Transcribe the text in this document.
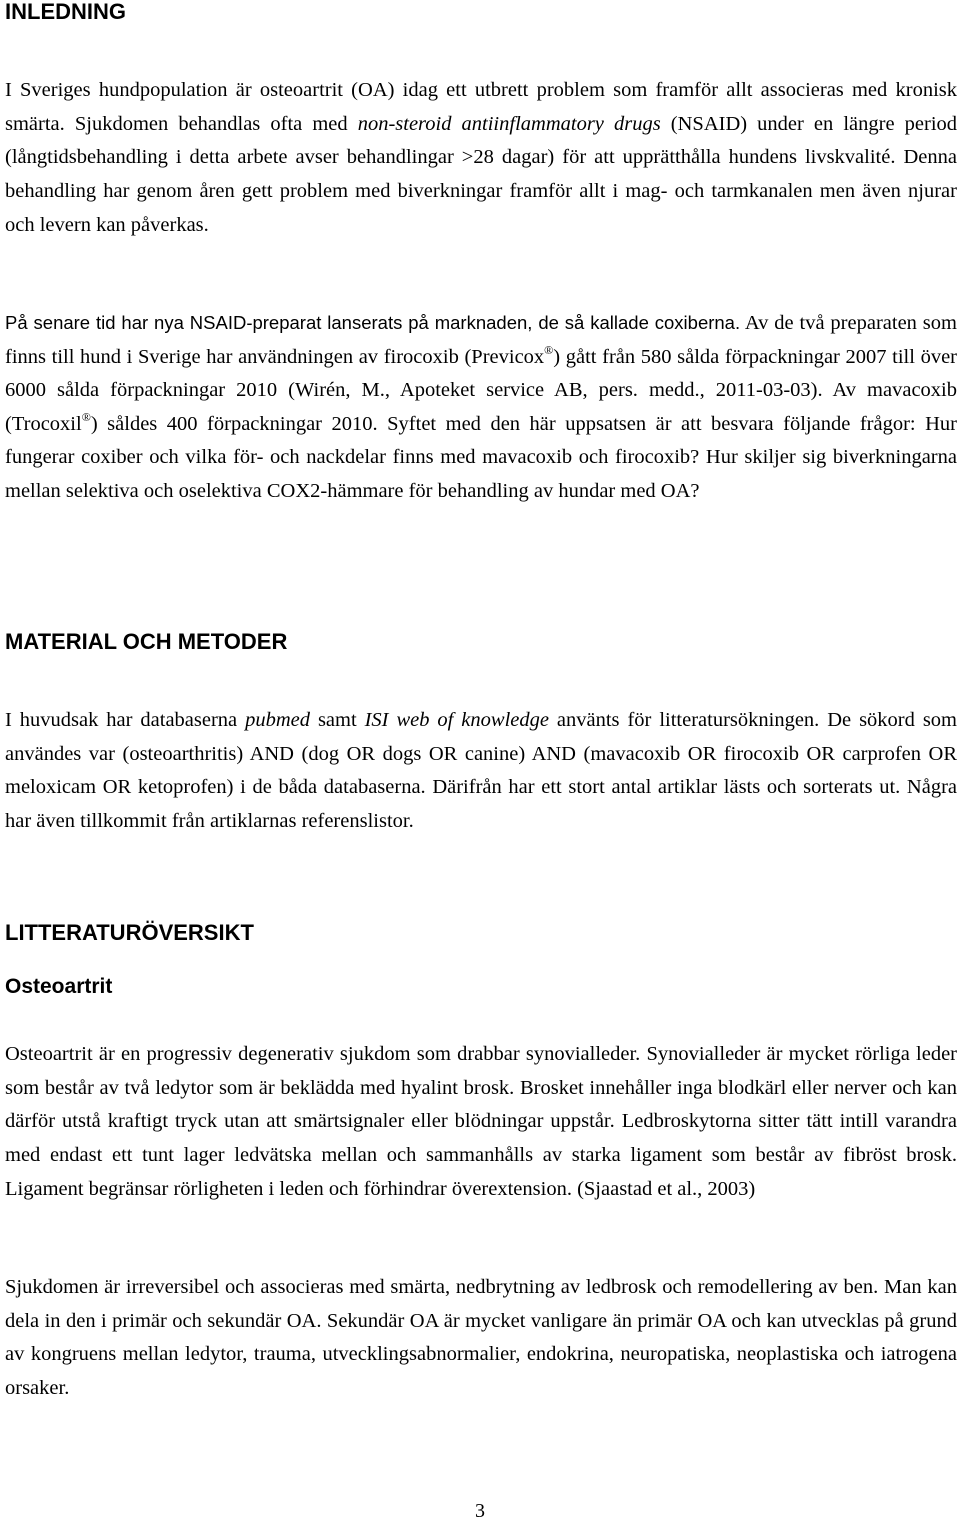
INLEDNING

I Sveriges hundpopulation är osteoartrit (OA) idag ett utbrett problem som framför allt associeras med kronisk smärta. Sjukdomen behandlas ofta med non-steroid antiinflammatory drugs (NSAID) under en längre period (långtidsbehandling i detta arbete avser behandlingar >28 dagar) för att upprätthålla hundens livskvalité. Denna behandling har genom åren gett problem med biverkningar framför allt i mag- och tarmkanalen men även njurar och levern kan påverkas.

På senare tid har nya NSAID-preparat lanserats på marknaden, de så kallade coxiberna. Av de två preparaten som finns till hund i Sverige har användningen av firocoxib (Previcox®) gått från 580 sålda förpackningar 2007 till över 6000 sålda förpackningar 2010 (Wirén, M., Apoteket service AB, pers. medd., 2011-03-03). Av mavacoxib (Trocoxil®) såldes 400 förpackningar 2010. Syftet med den här uppsatsen är att besvara följande frågor: Hur fungerar coxiber och vilka för- och nackdelar finns med mavacoxib och firocoxib? Hur skiljer sig biverkningarna mellan selektiva och oselektiva COX2-hämmare för behandling av hundar med OA?

MATERIAL OCH METODER

I huvudsak har databaserna pubmed samt ISI web of knowledge använts för litteratursökningen. De sökord som användes var (osteoarthritis) AND (dog OR dogs OR canine) AND (mavacoxib OR firocoxib OR carprofen OR meloxicam OR ketoprofen) i de båda databaserna. Därifrån har ett stort antal artiklar lästs och sorterats ut. Några har även tillkommit från artiklarnas referenslistor.

LITTERATURÖVERSIKT
Osteoartrit

Osteoartrit är en progressiv degenerativ sjukdom som drabbar synovialleder. Synovialleder är mycket rörliga leder som består av två ledytor som är beklädda med hyalint brosk. Brosket innehåller inga blodkärl eller nerver och kan därför utstå kraftigt tryck utan att smärtsignaler eller blödningar uppstår. Ledbroskytorna sitter tätt intill varandra med endast ett tunt lager ledvätska mellan och sammanhålls av starka ligament som består av fibröst brosk. Ligament begränsar rörligheten i leden och förhindrar överextension. (Sjaastad et al., 2003)

Sjukdomen är irreversibel och associeras med smärta, nedbrytning av ledbrosk och remodellering av ben. Man kan dela in den i primär och sekundär OA. Sekundär OA är mycket vanligare än primär OA och kan utvecklas på grund av kongruens mellan ledytor, trauma, utvecklingsabnormalier, endokrina, neuropatiska, neoplastiska och iatrogena orsaker.

3
